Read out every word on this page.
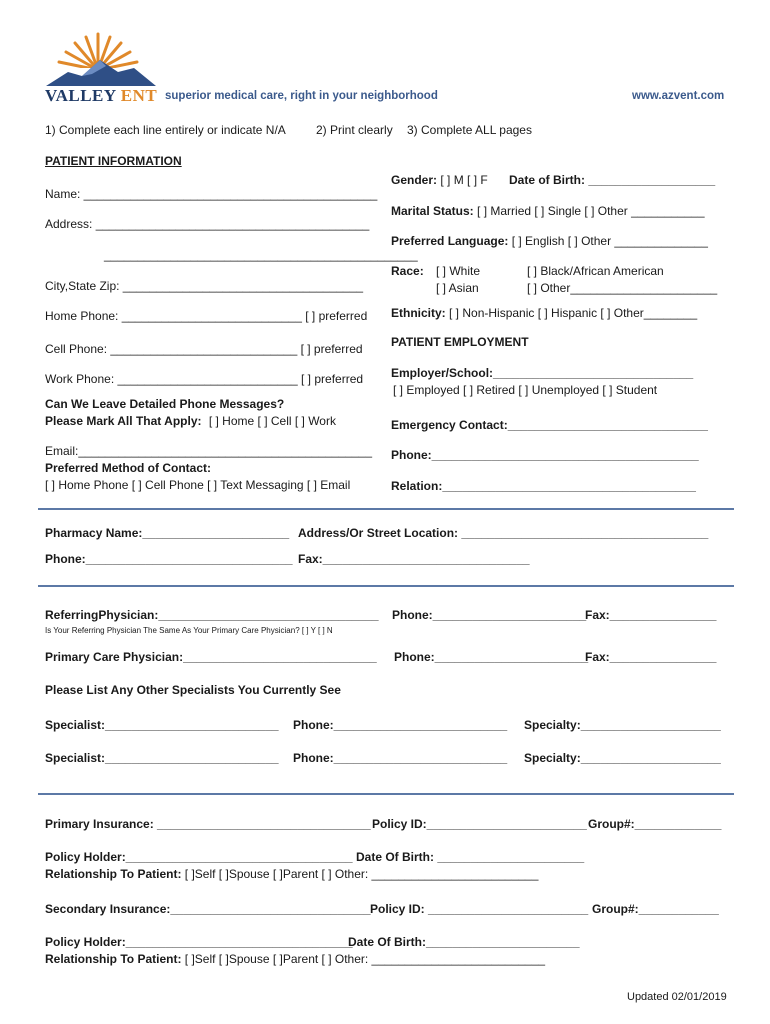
VALLEY ENT superior medical care, right in your neighborhood	www.azvent.com
1) Complete each line entirely or indicate N/A	2) Print clearly 3) Complete ALL pages
PATIENT INFORMATION
Name: ____________________________________________
Address: _________________________________________
_______________________________________________
City,State Zip: ____________________________________
Home Phone: ___________________________ [ ] preferred
Cell Phone: ____________________________ [ ] preferred
Work Phone: ___________________________ [ ] preferred
Can We Leave Detailed Phone Messages?
Please Mark All That Apply: [ ] Home [ ] Cell [ ] Work
Email:____________________________________________
Preferred Method of Contact:
[ ] Home Phone [ ] Cell Phone [ ] Text Messaging [ ] Email
Gender: [ ] M [ ] F Date of Birth: ___________________
Marital Status: [ ] Married [ ] Single [ ] Other ___________
Preferred Language: [ ] English [ ] Other ______________
Race: [ ] White
[ ] Asian
[ ] Black/African American
[ ] Other______________________
Ethnicity: [ ] Non-Hispanic [ ] Hispanic [ ] Other________
PATIENT EMPLOYMENT
Employer/School:______________________________
[ ] Employed [ ] Retired [ ] Unemployed [ ] Student
Emergency Contact:______________________________
Phone:________________________________________
Relation:______________________________________
Pharmacy Name:______________________ Address/Or Street Location: _____________________________________
Phone:_______________________________ Fax:_______________________________
ReferringPhysician:_________________________________ Phone:_______________________
Fax:________________
Is Your Referring Physician The Same As Your Primary Care Physician? [ ] Y [ ] N
Primary Care Physician:_____________________________ Phone:_______________________
Fax:________________
Please List Any Other Specialists You Currently See
Specialist:__________________________ Phone:__________________________ Specialty:_____________________
Specialist:__________________________ Phone:__________________________ Specialty:_____________________
Primary Insurance: ________________________________ Policy ID:________________________ Group#:_____________
Policy Holder:__________________________________ Date Of Birth: ______________________
Relationship To Patient: [ ]Self [ ]Spouse [ ]Parent [ ] Other: _________________________
Secondary Insurance:______________________________ Policy ID: ________________________ Group#:____________
Policy Holder:__________________________________
Date Of Birth:_______________________
Relationship To Patient: [ ]Self [ ]Spouse [ ]Parent [ ] Other: __________________________
Updated 02/01/2019
